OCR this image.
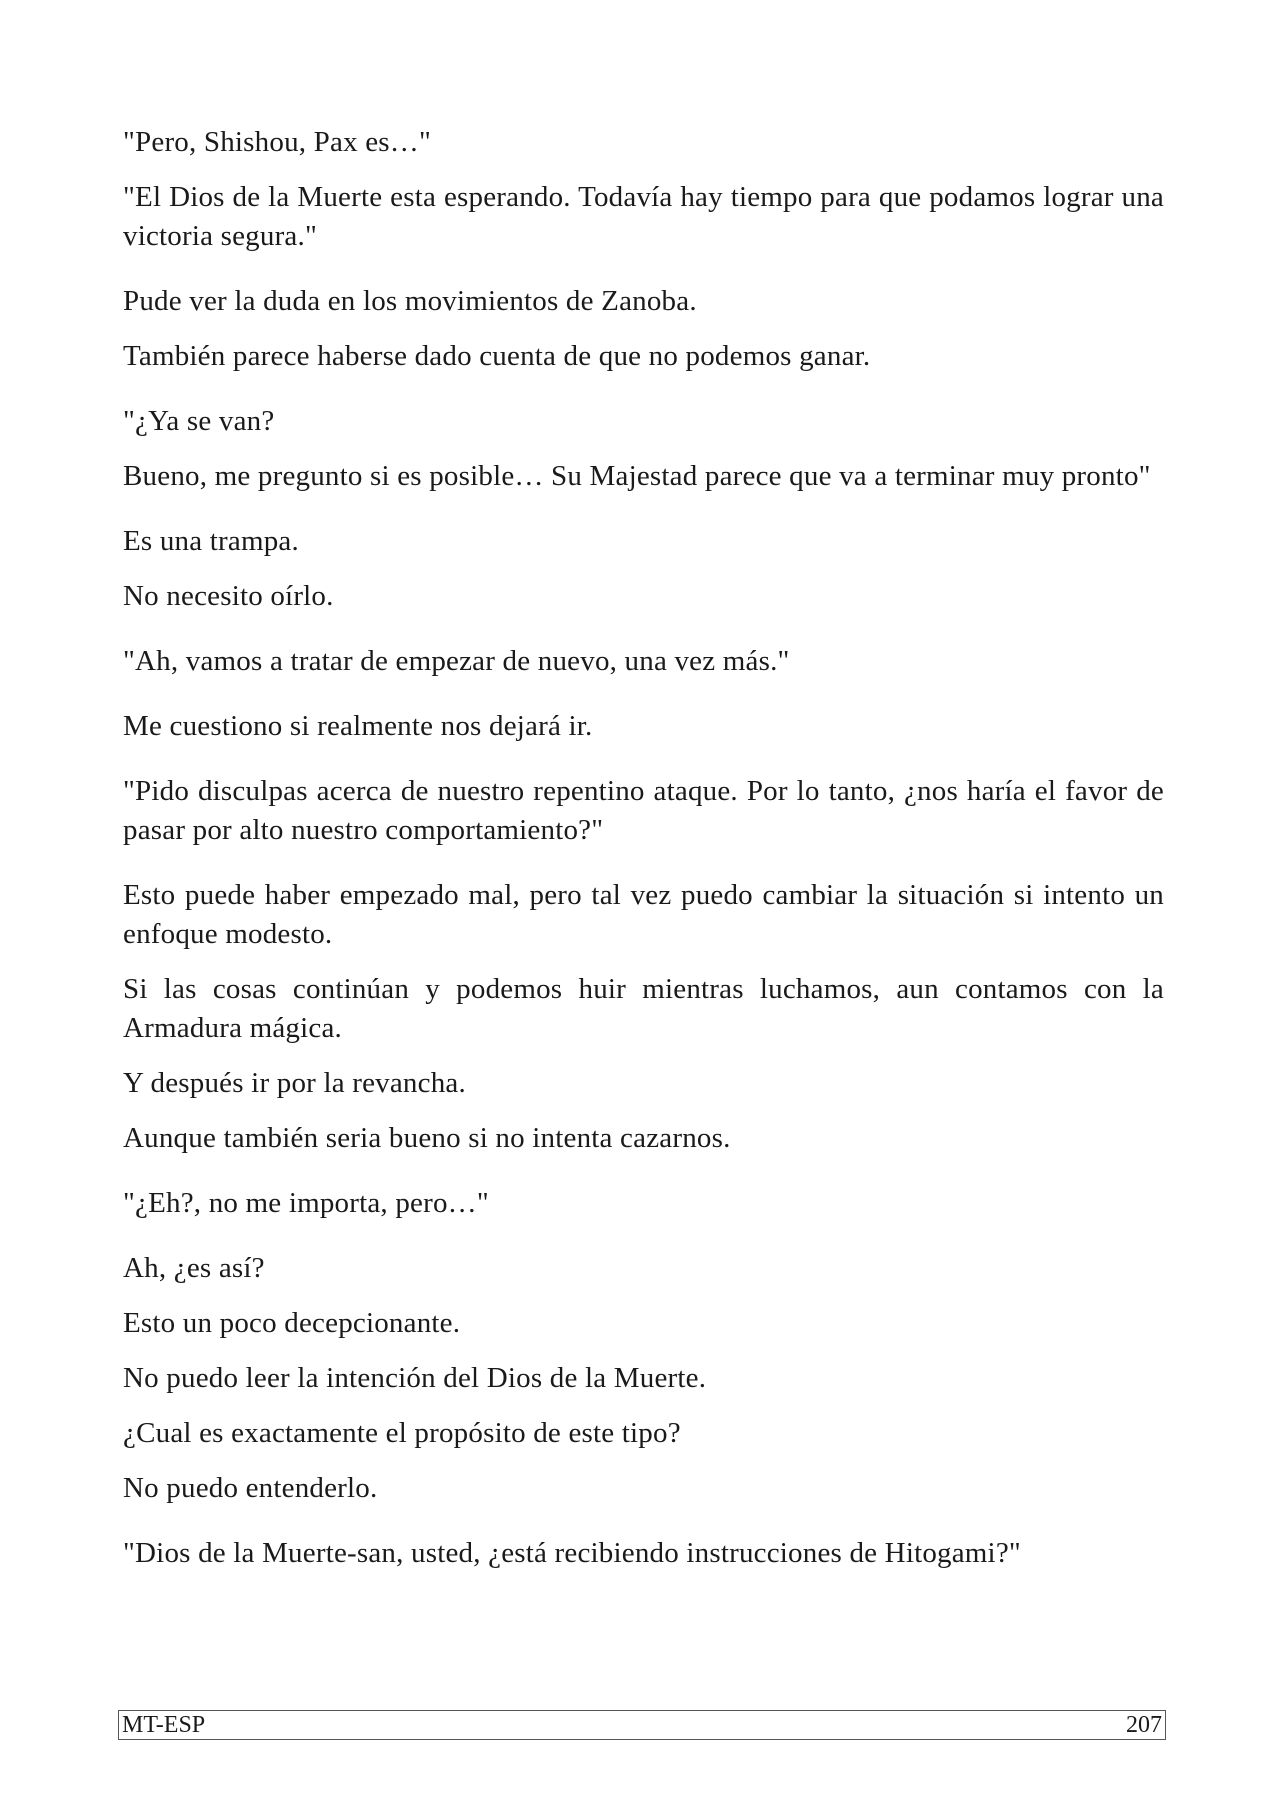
"Pero, Shishou, Pax es…"

"El Dios de la Muerte esta esperando. Todavía hay tiempo para que podamos lograr una victoria segura."

Pude ver la duda en los movimientos de Zanoba.

También parece haberse dado cuenta de que no podemos ganar.

"¿Ya se van?

Bueno, me pregunto si es posible… Su Majestad parece que va a terminar muy pronto"

Es una trampa.

No necesito oírlo.

"Ah, vamos a tratar de empezar de nuevo, una vez más."

Me cuestiono si realmente nos dejará ir.

"Pido disculpas acerca de nuestro repentino ataque. Por lo tanto, ¿nos haría el favor de pasar por alto nuestro comportamiento?"

Esto puede haber empezado mal, pero tal vez puedo cambiar la situación si intento un enfoque modesto.

Si las cosas continúan y podemos huir mientras luchamos, aun contamos con la Armadura mágica.

Y después ir por la revancha.

Aunque también seria bueno si no intenta cazarnos.

"¿Eh?, no me importa, pero…"

Ah, ¿es así?

Esto un poco decepcionante.

No puedo leer la intención del Dios de la Muerte.

¿Cual es exactamente el propósito de este tipo?

No puedo entenderlo.

"Dios de la Muerte-san, usted, ¿está recibiendo instrucciones de Hitogami?"

MT-ESP	207
